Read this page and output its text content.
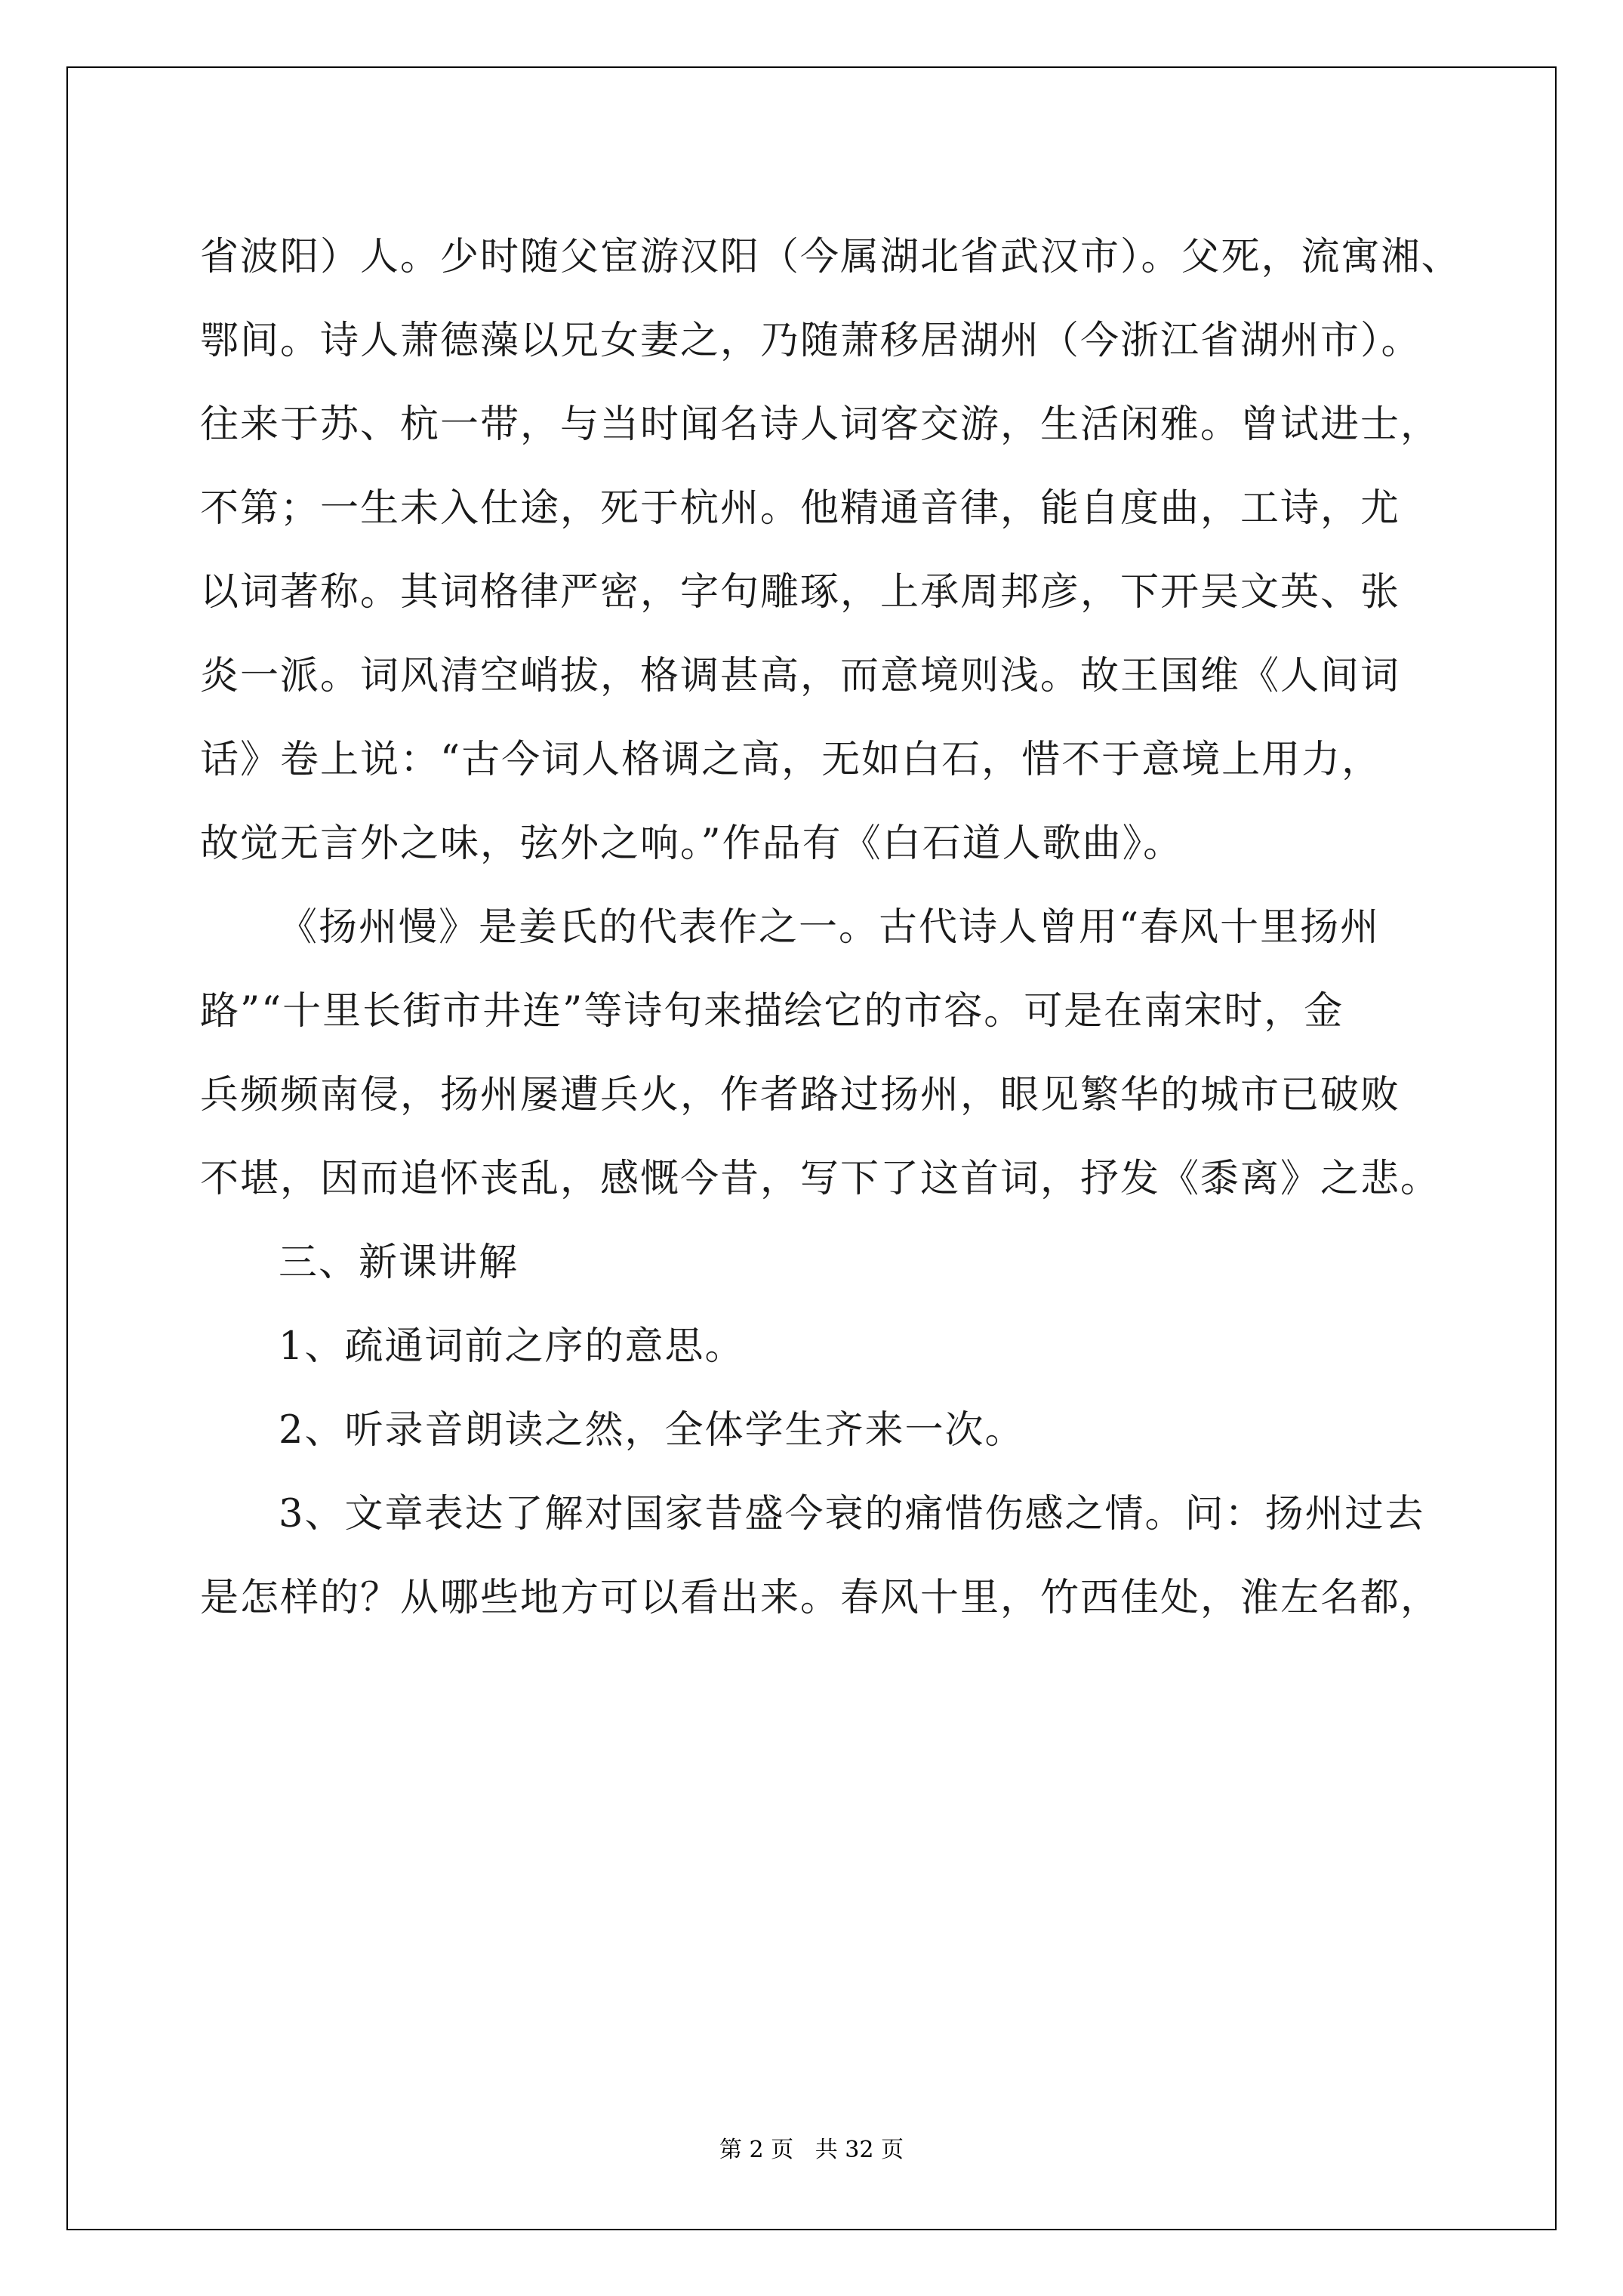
省波阳）人。少时随父宦游汉阳（今属湖北省武汉市）。父死，流寓湘、
鄂间。诗人萧德藻以兄女妻之，乃随萧移居湖州（今浙江省湖州市）。
往来于苏、杭一带，与当时闻名诗人词客交游，生活闲雅。曾试进士，
不第；一生未入仕途，死于杭州。他精通音律，能自度曲，工诗，尤
以词著称。其词格律严密，字句雕琢，上承周邦彦，下开吴文英、张
炎一派。词风清空峭拔，格调甚高，而意境则浅。故王国维《人间词
话》卷上说：“古今词人格调之高，无如白石，惜不于意境上用力，
故觉无言外之味，弦外之响。”作品有《白石道人歌曲》。
《扬州慢》是姜氏的代表作之一。古代诗人曾用“春风十里扬州
路”“十里长街市井连”等诗句来描绘它的市容。可是在南宋时，金
兵频频南侵，扬州屡遭兵火，作者路过扬州，眼见繁华的城市已破败
不堪，因而追怀丧乱，感慨今昔，写下了这首词，抒发《黍离》之悲。
三、新课讲解
1、疏通词前之序的意思。
2、听录音朗读之然，全体学生齐来一次。
3、文章表达了解对国家昔盛今衰的痛惜伤感之情。问：扬州过去
是怎样的？从哪些地方可以看出来。春风十里，竹西佳处，淮左名都，
第 2 页 共 32 页
